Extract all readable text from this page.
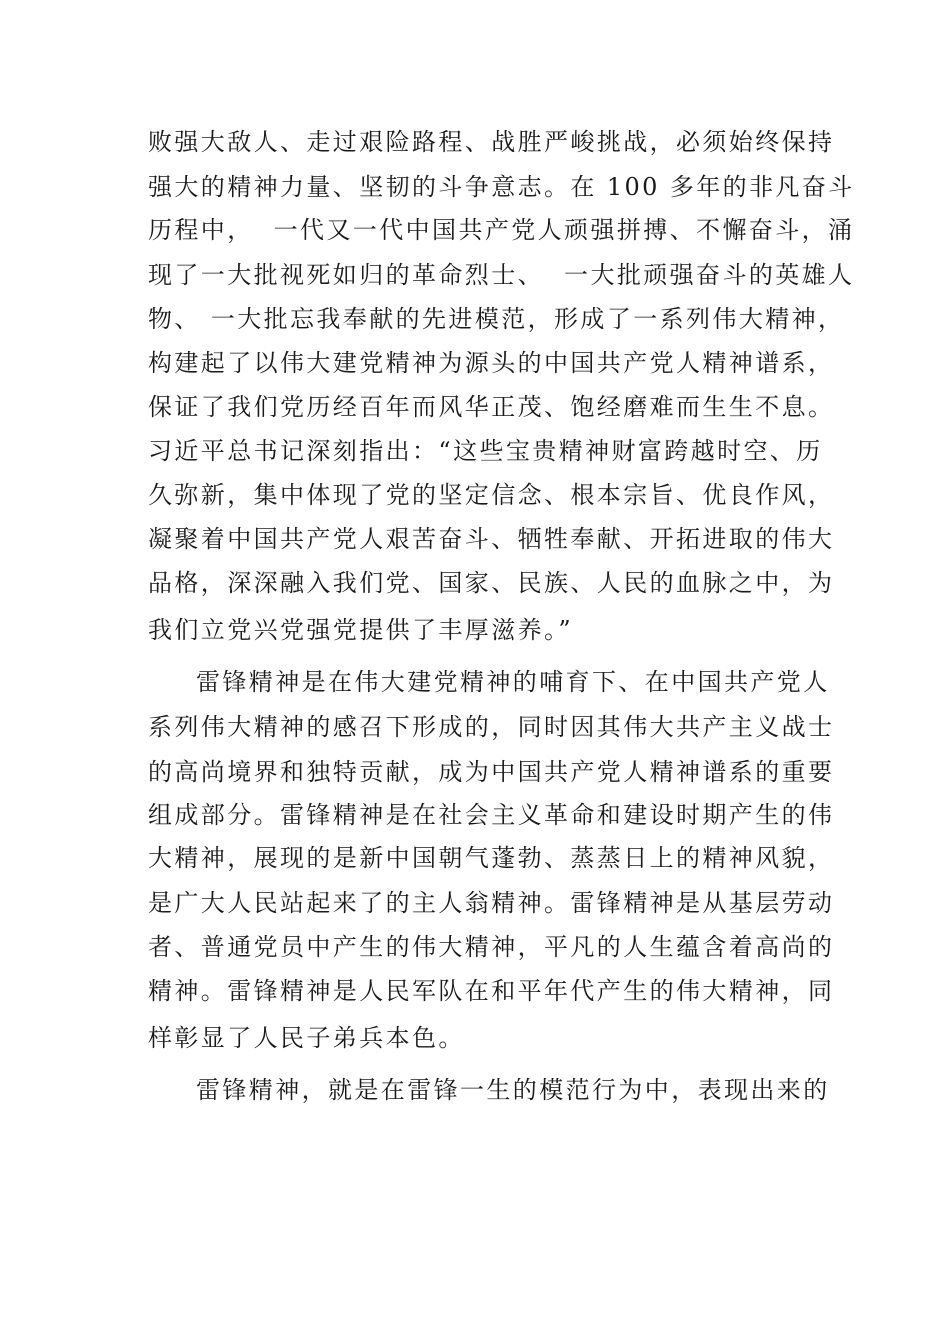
败强大敌人、走过艰险路程、战胜严峻挑战，必须始终保持
强大的精神力量、坚韧的斗争意志。在 100 多年的非凡奋斗
历程中，  一代又一代中国共产党人顽强拼搏、不懈奋斗，涌
现了一大批视死如归的革命烈士、  一大批顽强奋斗的英雄人
物、 一大批忘我奉献的先进模范，形成了一系列伟大精神，
构建起了以伟大建党精神为源头的中国共产党人精神谱系，
保证了我们党历经百年而风华正茂、饱经磨难而生生不息。
习近平总书记深刻指出：“这些宝贵精神财富跨越时空、历
久弥新，集中体现了党的坚定信念、根本宗旨、优良作风，
凝聚着中国共产党人艰苦奋斗、牺牲奉献、开拓进取的伟大
品格，深深融入我们党、国家、民族、人民的血脉之中，为
我们立党兴党强党提供了丰厚滋养。”
雷锋精神是在伟大建党精神的哺育下、在中国共产党人
系列伟大精神的感召下形成的，同时因其伟大共产主义战士
的高尚境界和独特贡献，成为中国共产党人精神谱系的重要
组成部分。雷锋精神是在社会主义革命和建设时期产生的伟
大精神，展现的是新中国朝气蓬勃、蒸蒸日上的精神风貌，
是广大人民站起来了的主人翁精神。雷锋精神是从基层劳动
者、普通党员中产生的伟大精神，平凡的人生蕴含着高尚的
精神。雷锋精神是人民军队在和平年代产生的伟大精神，同
样彰显了人民子弟兵本色。
雷锋精神，就是在雷锋一生的模范行为中，表现出来的
